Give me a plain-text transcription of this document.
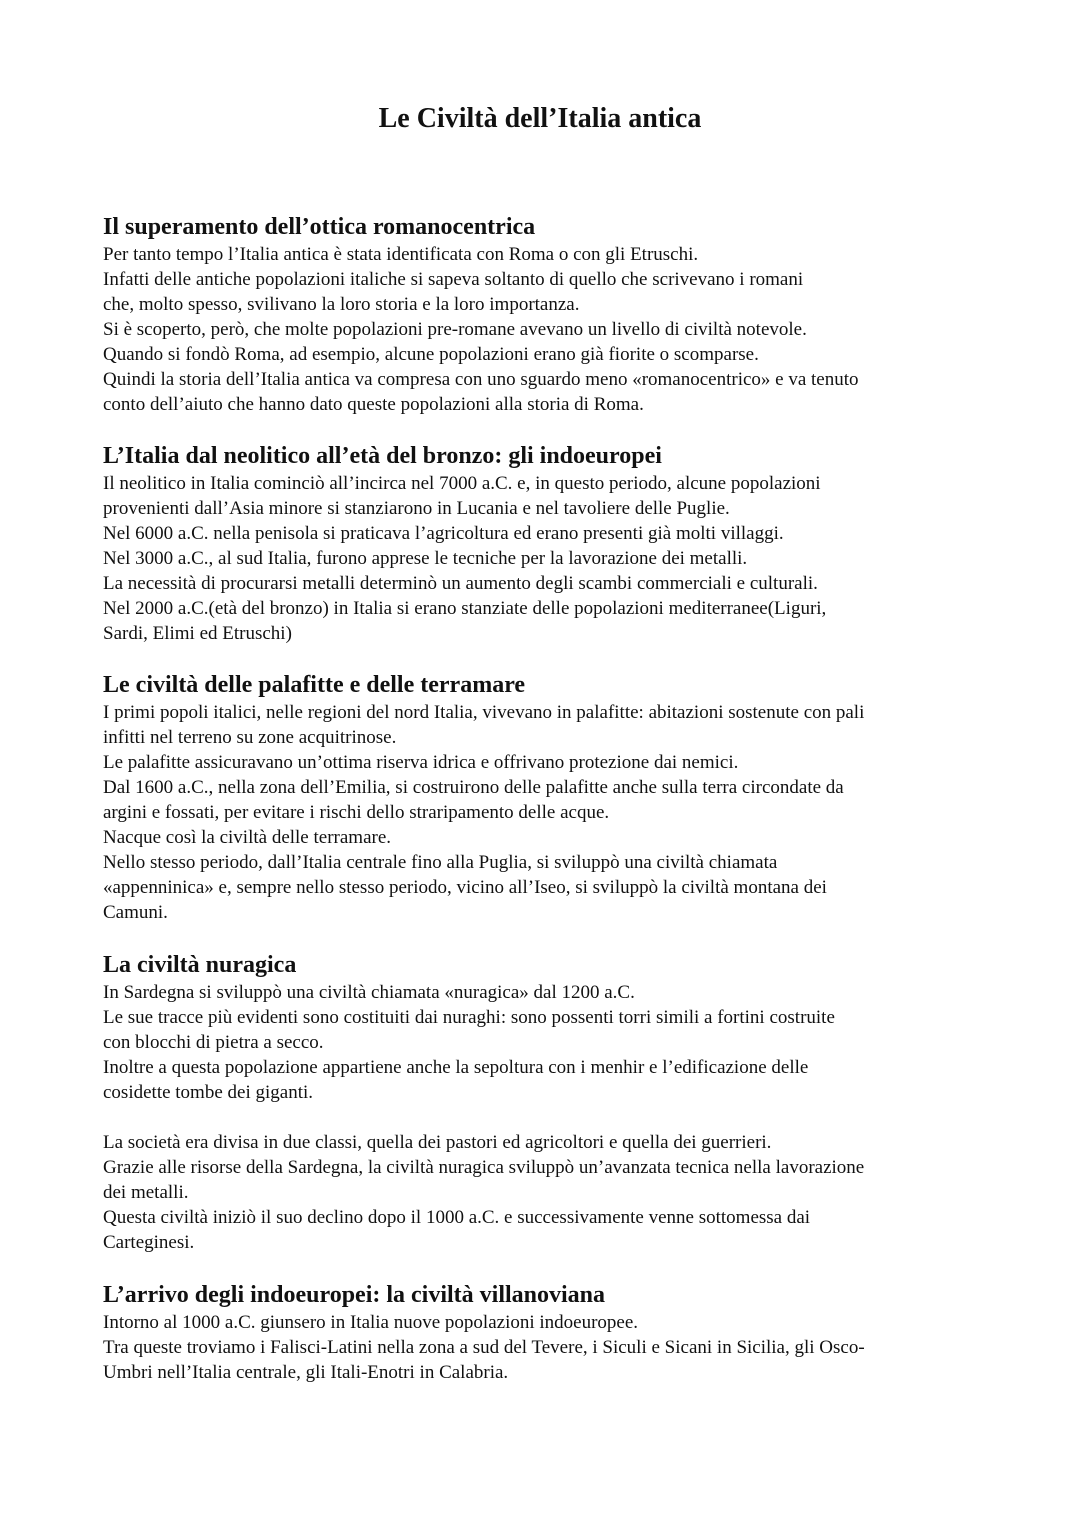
Le Civiltà dell’Italia antica
Il superamento dell’ottica romanocentrica
Per tanto tempo l’Italia antica è stata identificata con Roma o con gli Etruschi.
Infatti delle antiche popolazioni italiche si sapeva soltanto di quello che scrivevano i romani
che, molto spesso, svilivano la loro storia e la loro importanza.
Si è scoperto, però, che molte popolazioni pre-romane avevano un livello di civiltà notevole.
Quando si fondò Roma, ad esempio, alcune popolazioni erano già fiorite o scomparse.
Quindi la storia dell’Italia antica va compresa con uno sguardo meno «romanocentrico» e va tenuto
conto dell’aiuto che hanno dato queste popolazioni alla storia di Roma.
L’Italia dal neolitico all’età del bronzo: gli indoeuropei
Il neolitico in Italia cominciò all’incirca nel 7000 a.C. e, in questo periodo, alcune popolazioni
provenienti dall’Asia minore si stanziarono in Lucania e nel tavoliere delle Puglie.
Nel 6000 a.C. nella penisola si praticava l’agricoltura ed erano presenti già molti villaggi.
Nel 3000 a.C., al sud Italia, furono apprese le tecniche per la lavorazione dei metalli.
La necessità di procurarsi metalli determinò un aumento degli scambi commerciali e culturali.
Nel 2000 a.C.(età del bronzo) in Italia si erano stanziate delle popolazioni mediterranee(Liguri,
Sardi, Elimi ed Etruschi)
Le civiltà delle palafitte e delle terramare
I primi popoli italici, nelle regioni del nord Italia, vivevano in palafitte: abitazioni sostenute con pali
infitti nel terreno su zone acquitrinose.
Le palafitte assicuravano un’ottima riserva idrica e offrivano protezione dai nemici.
Dal 1600 a.C., nella zona dell’Emilia, si costruirono delle palafitte anche sulla terra circondate da
argini e fossati, per evitare i rischi dello straripamento delle acque.
Nacque così la civiltà delle terramare.
Nello stesso periodo, dall’Italia centrale fino alla Puglia, si sviluppò una civiltà chiamata
«appenninica» e, sempre nello stesso periodo, vicino all’Iseo, si sviluppò la civiltà montana dei
Camuni.
La civiltà nuragica
In Sardegna si sviluppò una civiltà chiamata «nuragica» dal 1200 a.C.
Le sue tracce più evidenti sono costituiti dai nuraghi: sono possenti torri simili a fortini costruite
con blocchi di pietra a secco.
Inoltre a questa popolazione appartiene anche la sepoltura con i menhir e l’edificazione delle
cosidette tombe dei giganti.
La società era divisa in due classi, quella dei pastori ed agricoltori e quella dei guerrieri.
Grazie alle risorse della Sardegna, la civiltà nuragica sviluppò un’avanzata tecnica nella lavorazione
dei metalli.
Questa civiltà iniziò il suo declino dopo il 1000 a.C. e successivamente venne sottomessa dai
Carteginesi.
L’arrivo degli indoeuropei: la civiltà villanoviana
Intorno al 1000 a.C. giunsero in Italia nuove popolazioni indoeuropee.
Tra queste troviamo i Falisci-Latini nella zona a sud del Tevere, i Siculi e Sicani in Sicilia, gli Osco-
Umbri nell’Italia centrale, gli Itali-Enotri in Calabria.
